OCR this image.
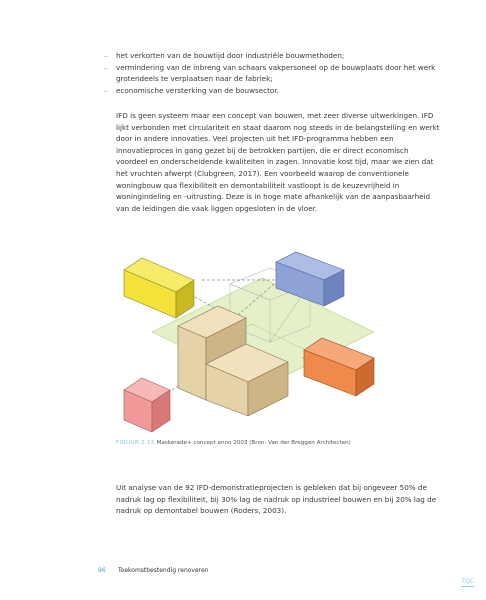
–	het verkorten van de bouwtijd door industriële bouwmethoden;
–	vermindering van de inbreng van schaars vakpersoneel op de bouwplaats door het werk grotendeels te verplaatsen naar de fabriek;
–	economische versterking van de bouwsector.

IFD is geen systeem maar een concept van bouwen, met zeer diverse uitwerkingen. IFD lijkt verbonden met circulariteit en staat daarom nog steeds in de belangstelling en werkt door in andere innovaties. Veel projecten uit het IFD-programma hebben een innovatieproces in gang gezet bij de betrokken partijen, die er direct economisch voordeel en onderscheidende kwaliteiten in zagen. Innovatie kost tijd, maar we zien dat het vruchten afwerpt (Clubgreen, 2017). Een voorbeeld waarop de conventionele woningbouw qua flexibiliteit en demontabiliteit vastloopt is de keuzevrijheid in woningindeling en -uitrusting. Deze is in hoge mate afhankelijk van de aanpasbaarheid van de leidingen die vaak liggen opgesloten in de vloer.

FIGUUR 2.15 Maskerade+ concept anno 2003 (Bron: Van der Breggen Architecten)

Uit analyse van de 92 IFD-demonstratieprojecten is gebleken dat bij ongeveer 50% de nadruk lag op flexibiliteit, bij 30% lag de nadruk op industrieel bouwen en bij 20% lag de nadruk op demontabel bouwen (Roders, 2003).

96 Toekomstbestendig renoveren
TOC
